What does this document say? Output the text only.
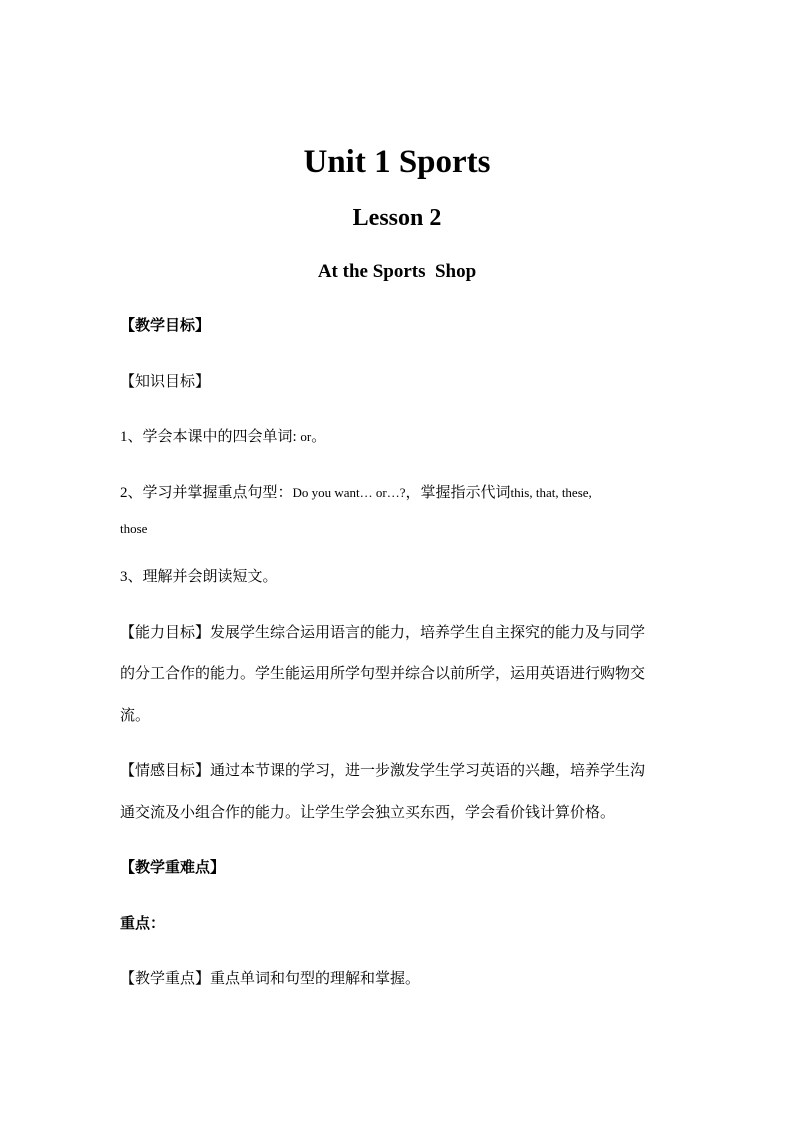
Unit 1 Sports
Lesson 2
At the Sports  Shop

【教学目标】

【知识目标】

1、学会本课中的四会单词: or。

2、学习并掌握重点句型：Do you want… or…?，掌握指示代词this, that, these,

those

3、理解并会朗读短文。

【能力目标】发展学生综合运用语言的能力，培养学生自主探究的能力及与同学

的分工合作的能力。学生能运用所学句型并综合以前所学，运用英语进行购物交

流。

【情感目标】通过本节课的学习，进一步激发学生学习英语的兴趣，培养学生沟

通交流及小组合作的能力。让学生学会独立买东西，学会看价钱计算价格。

【教学重难点】

重点：

【教学重点】重点单词和句型的理解和掌握。
